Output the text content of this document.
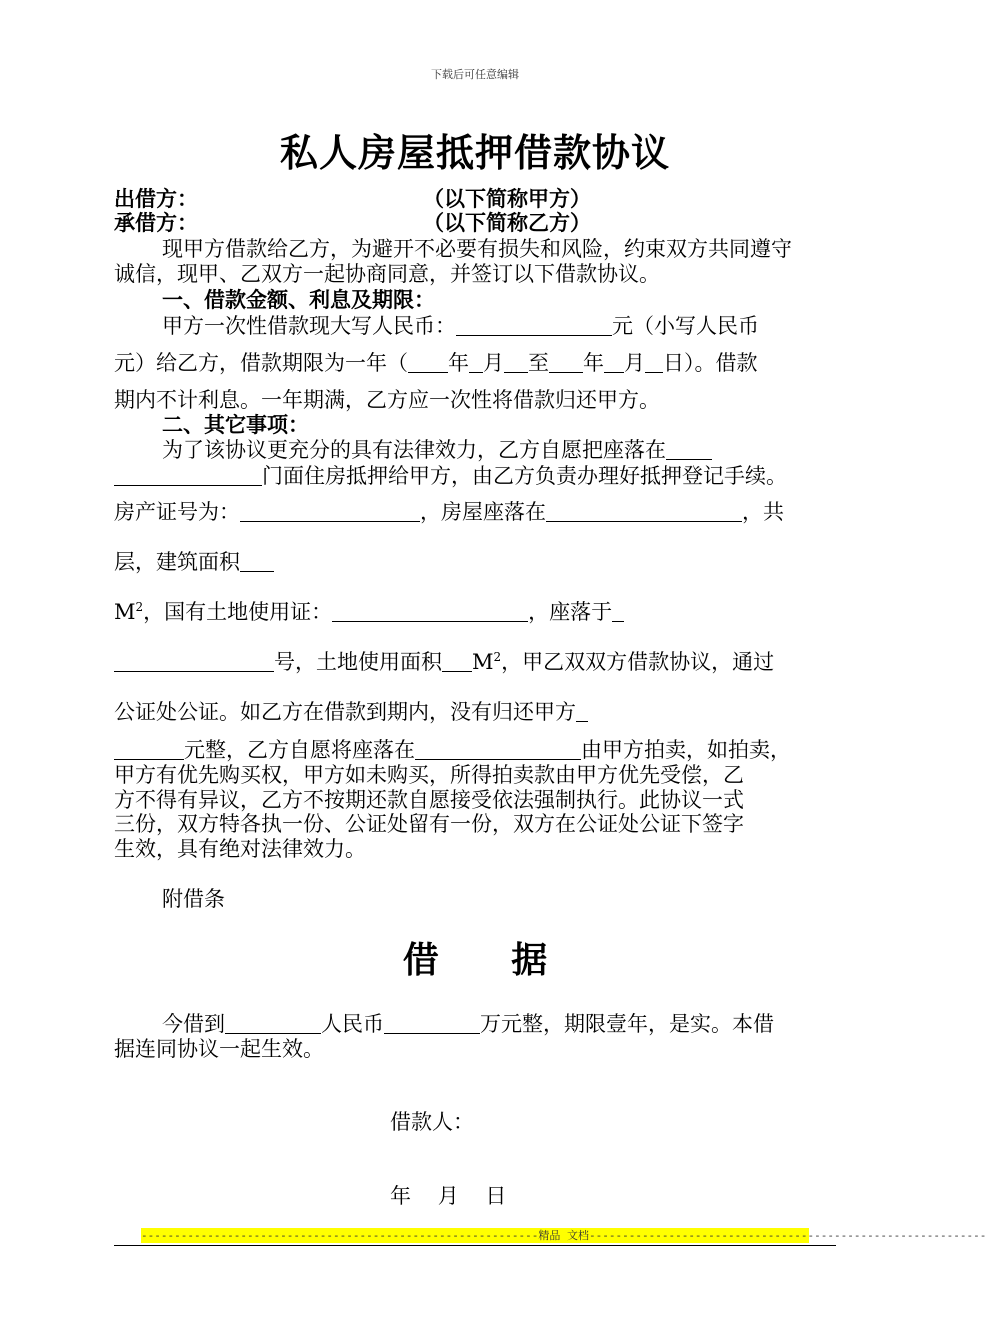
下载后可任意编辑
私人房屋抵押借款协议
出借方：	（以下简称甲方）
承借方：	（以下简称乙方）
现甲方借款给乙方，为避开不必要有损失和风险，约束双方共同遵守
诚信，现甲、乙双方一起协商同意，并签订以下借款协议。
一、借款金额、利息及期限：
甲方一次性借款现大写人民币：	元（小写人民币
元）给乙方，借款期限为一年（ 年 月 至 年 月 日）。借款
期内不计利息。一年期满，乙方应一次性将借款归还甲方。
二、其它事项：
为了该协议更充分的具有法律效力，乙方自愿把座落在
门面住房抵押给甲方，由乙方负责办理好抵押登记手续。
房产证号为：	，房屋座落在	，共
层，建筑面积
$M^2$，国有土地使用证：	，座落于
号，土地使用面积 $M^2$，甲乙双双方借款协议，通过
公证处公证。如乙方在借款到期内，没有归还甲方
元整，乙方自愿将座落在	由甲方拍卖，如拍卖，
甲方有优先购买权，甲方如未购买，所得拍卖款由甲方优先受偿，乙
方不得有异议，乙方不按期还款自愿接受依法强制执行。此协议一式
三份，双方特各执一份、公证处留有一份，双方在公证处公证下签字
生效，具有绝对法律效力。
附借条
借 据
今借到	人民币	万元整，期限壹年，是实。本借
据连同协议一起生效。
借款人：
年    月    日
------------------------------------------------------------精品 文档------------------------------------------------------------
